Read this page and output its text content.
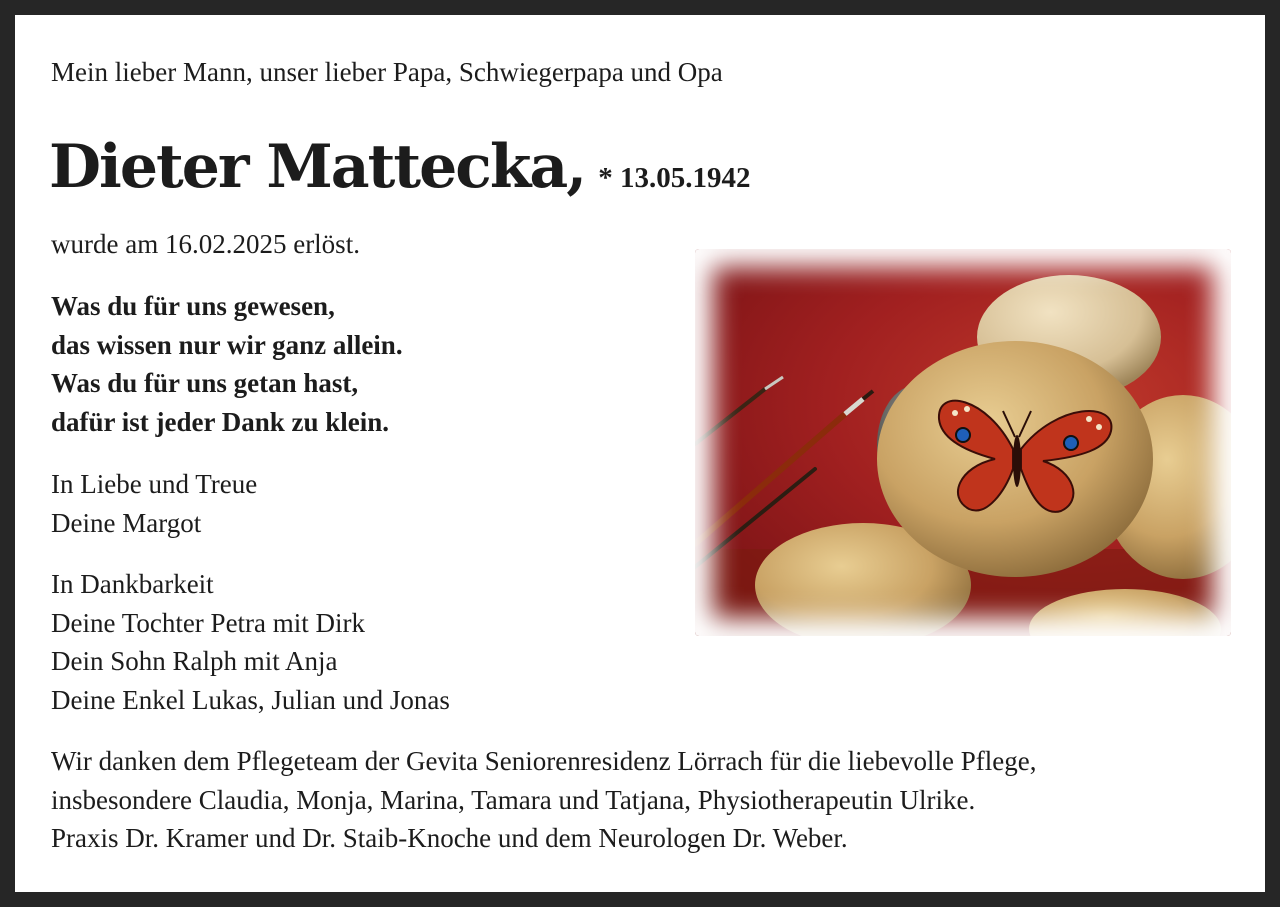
Mein lieber Mann, unser lieber Papa, Schwiegerpapa und Opa
Dieter Mattecka, * 13.05.1942
wurde am 16.02.2025 erlöst.
Was du für uns gewesen,
das wissen nur wir ganz allein.
Was du für uns getan hast,
dafür ist jeder Dank zu klein.
In Liebe und Treue
Deine Margot
In Dankbarkeit
Deine Tochter Petra mit Dirk
Dein Sohn Ralph mit Anja
Deine Enkel Lukas, Julian und Jonas
Wir danken dem Pflegeteam der Gevita Seniorenresidenz Lörrach für die liebevolle Pflege,
insbesondere Claudia, Monja, Marina, Tamara und Tatjana, Physiotherapeutin Ulrike.
Praxis Dr. Kramer und Dr. Staib-Knoche und dem Neurologen Dr. Weber.
